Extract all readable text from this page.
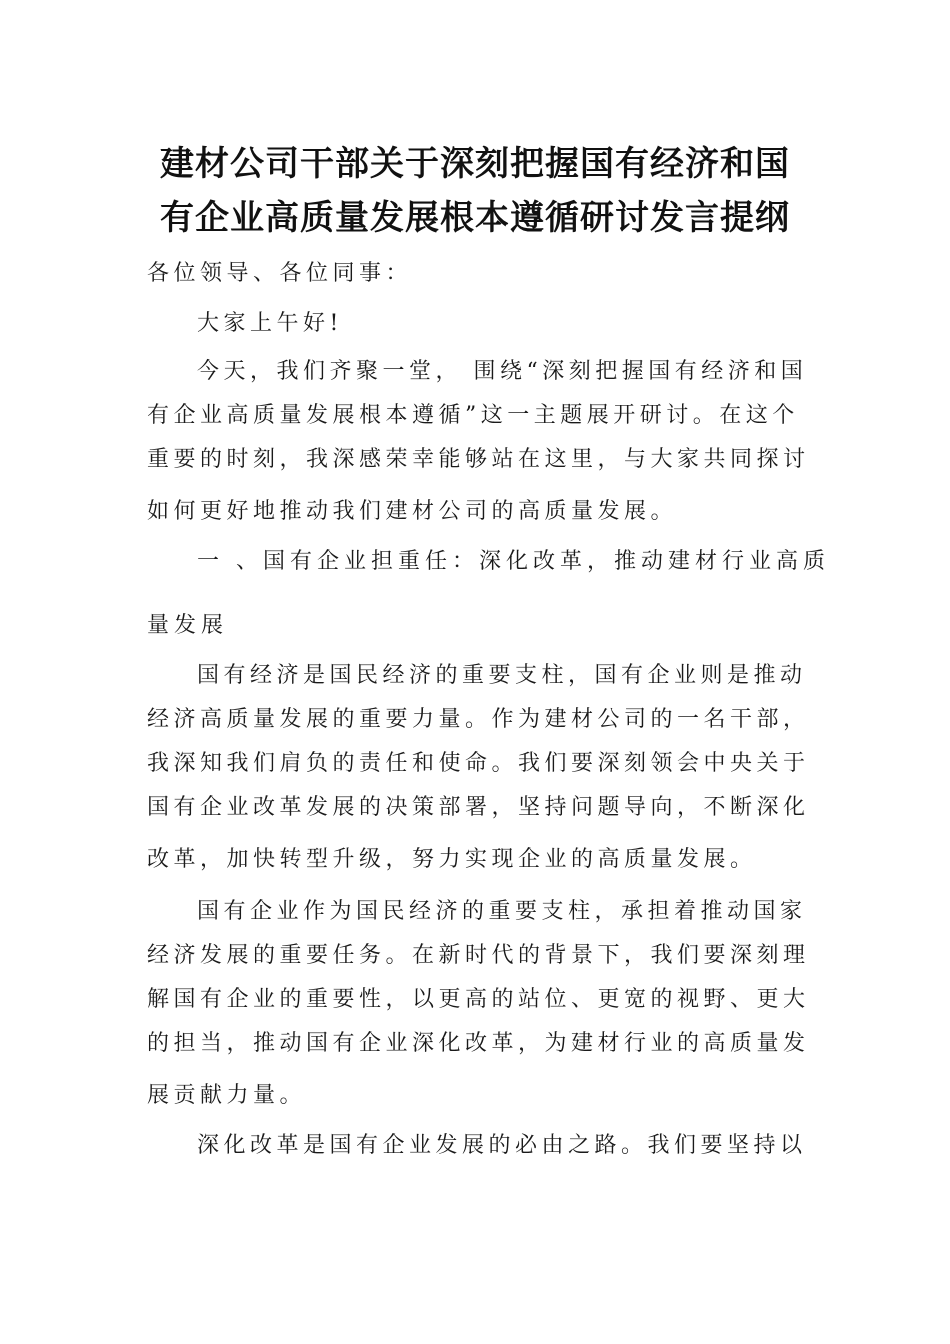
建材公司干部关于深刻把握国有经济和国
有企业高质量发展根本遵循研讨发言提纲
各位领导、各位同事：
大家上午好!
今天，我们齐聚一堂， 围绕“深刻把握国有经济和国
有企业高质量发展根本遵循”这一主题展开研讨。在这个
重要的时刻，我深感荣幸能够站在这里，与大家共同探讨
如何更好地推动我们建材公司的高质量发展。
一 、国有企业担重任：深化改革，推动建材行业高质
量发展
国有经济是国民经济的重要支柱，国有企业则是推动
经济高质量发展的重要力量。作为建材公司的一名干部，
我深知我们肩负的责任和使命。我们要深刻领会中央关于
国有企业改革发展的决策部署，坚持问题导向，不断深化
改革，加快转型升级，努力实现企业的高质量发展。
国有企业作为国民经济的重要支柱，承担着推动国家
经济发展的重要任务。在新时代的背景下，我们要深刻理
解国有企业的重要性，以更高的站位、更宽的视野、更大
的担当，推动国有企业深化改革，为建材行业的高质量发
展贡献力量。
深化改革是国有企业发展的必由之路。我们要坚持以
